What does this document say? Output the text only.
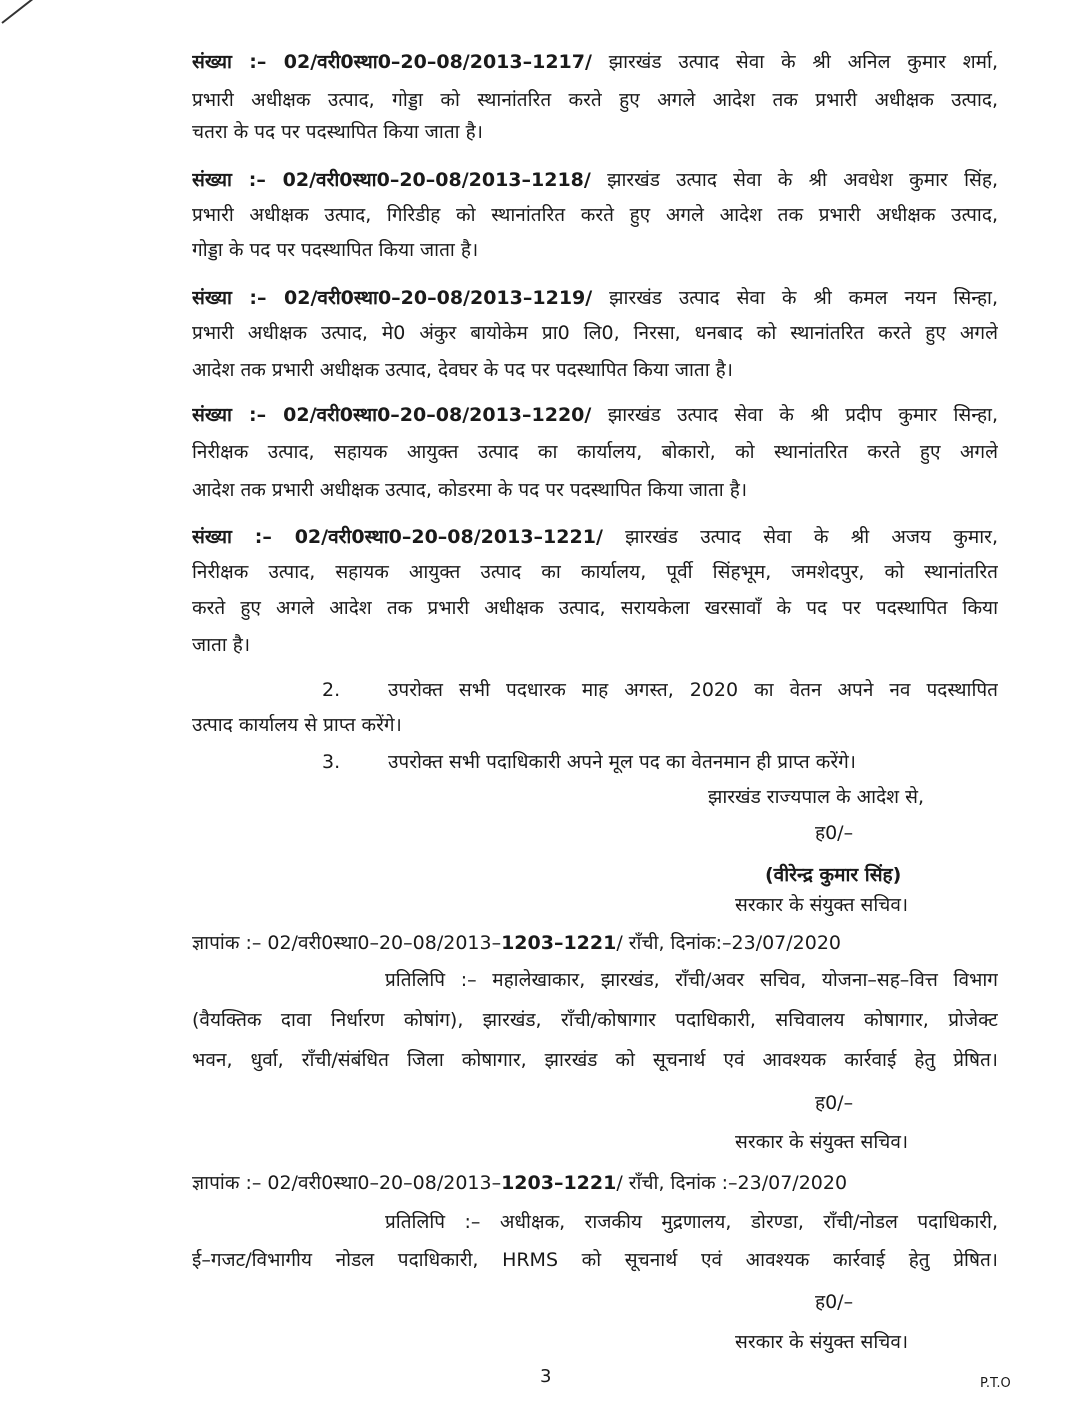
संख्या :– 02/वरी0स्था0–20–08/2013–1217/ झारखंड उत्पाद सेवा के श्री अनिल कुमार शर्मा,
प्रभारी अधीक्षक उत्पाद, गोड्डा को स्थानांतरित करते हुए अगले आदेश तक प्रभारी अधीक्षक उत्पाद,
चतरा के पद पर पदस्थापित किया जाता है।
संख्या :– 02/वरी0स्था0–20–08/2013–1218/ झारखंड उत्पाद सेवा के श्री अवधेश कुमार सिंह,
प्रभारी अधीक्षक उत्पाद, गिरिडीह को स्थानांतरित करते हुए अगले आदेश तक प्रभारी अधीक्षक उत्पाद,
गोड्डा के पद पर पदस्थापित किया जाता है।
संख्या :– 02/वरी0स्था0–20–08/2013–1219/ झारखंड उत्पाद सेवा के श्री कमल नयन सिन्हा,
प्रभारी अधीक्षक उत्पाद, मे0 अंकुर बायोकेम प्रा0 लि0, निरसा, धनबाद को स्थानांतरित करते हुए अगले
आदेश तक प्रभारी अधीक्षक उत्पाद, देवघर के पद पर पदस्थापित किया जाता है।
संख्या :– 02/वरी0स्था0–20–08/2013–1220/ झारखंड उत्पाद सेवा के श्री प्रदीप कुमार सिन्हा,
निरीक्षक उत्पाद, सहायक आयुक्त उत्पाद का कार्यालय, बोकारो, को स्थानांतरित करते हुए अगले
आदेश तक प्रभारी अधीक्षक उत्पाद, कोडरमा के पद पर पदस्थापित किया जाता है।
संख्या :– 02/वरी0स्था0–20–08/2013–1221/ झारखंड उत्पाद सेवा के श्री अजय कुमार,
निरीक्षक उत्पाद, सहायक आयुक्त उत्पाद का कार्यालय, पूर्वी सिंहभूम, जमशेदपुर, को स्थानांतरित
करते हुए अगले आदेश तक प्रभारी अधीक्षक उत्पाद, सरायकेला खरसावाँ के पद पर पदस्थापित किया
जाता है।
2.	उपरोक्त सभी पदधारक माह अगस्त, 2020 का वेतन अपने नव पदस्थापित
उत्पाद कार्यालय से प्राप्त करेंगे।
3.	उपरोक्त सभी पदाधिकारी अपने मूल पद का वेतनमान ही प्राप्त करेंगे।
झारखंड राज्यपाल के आदेश से,
ह0/–
(वीरेन्द्र कुमार सिंह)
सरकार के संयुक्त सचिव।
ज्ञापांक :– 02/वरी0स्था0–20–08/2013–1203–1221/ राँची, दिनांक:–23/07/2020
प्रतिलिपि :– महालेखाकार, झारखंड, राँची/अवर सचिव, योजना–सह–वित्त विभाग
(वैयक्तिक दावा निर्धारण कोषांग), झारखंड, राँची/कोषागार पदाधिकारी, सचिवालय कोषागार, प्रोजेक्ट
भवन, धुर्वा, राँची/संबंधित जिला कोषागार, झारखंड को सूचनार्थ एवं आवश्यक कार्रवाई हेतु प्रेषित।
ह0/–
सरकार के संयुक्त सचिव।
ज्ञापांक :– 02/वरी0स्था0–20–08/2013–1203–1221/ राँची, दिनांक :–23/07/2020
प्रतिलिपि :– अधीक्षक, राजकीय मुद्रणालय, डोरण्डा, राँची/नोडल पदाधिकारी,
ई–गजट/विभागीय नोडल पदाधिकारी, HRMS को सूचनार्थ एवं आवश्यक कार्रवाई हेतु प्रेषित।
ह0/–
सरकार के संयुक्त सचिव।
3	P.T.O
